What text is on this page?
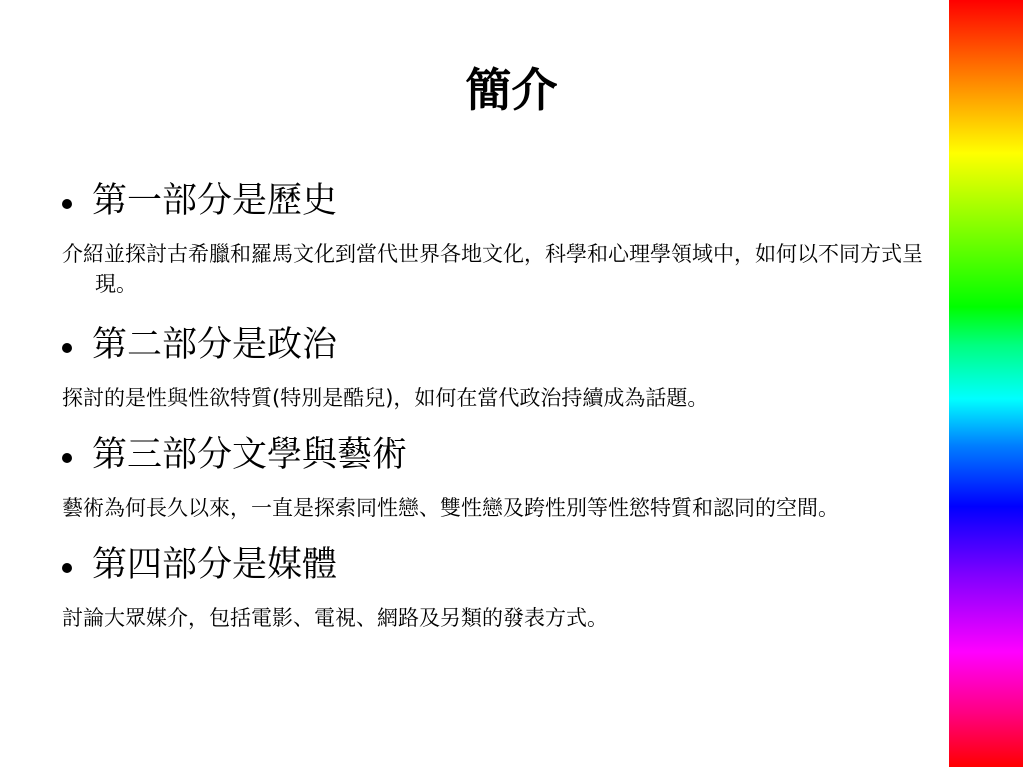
簡介
第一部分是歷史
介紹並探討古希臘和羅馬文化到當代世界各地文化，科學和心理學領域中，如何以不同方式呈現。
第二部分是政治
探討的是性與性欲特質(特別是酷兒)，如何在當代政治持續成為話題。
第三部分文學與藝術
藝術為何長久以來，一直是探索同性戀、雙性戀及跨性別等性慾特質和認同的空間。
第四部分是媒體
討論大眾媒介，包括電影、電視、網路及另類的發表方式。
